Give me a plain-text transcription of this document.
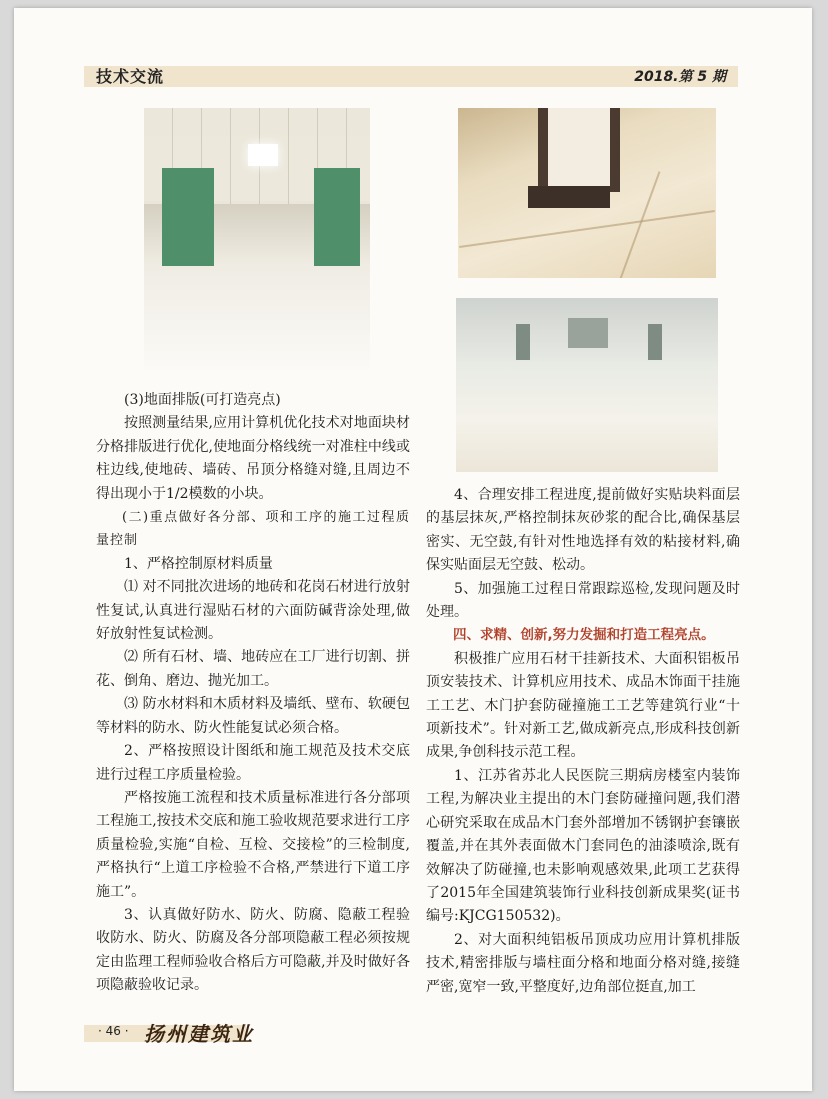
技术交流	2018.第 5 期

(3)地面排版(可打造亮点)

按照测量结果,应用计算机优化技术对地面块材分格排版进行优化,使地面分格线统一对准柱中线或柱边线,使地砖、墙砖、吊顶分格缝对缝,且周边不得出现小于1/2模数的小块。

(二)重点做好各分部、项和工序的施工过程质量控制

1、严格控制原材料质量

⑴ 对不同批次进场的地砖和花岗石材进行放射性复试,认真进行湿贴石材的六面防碱背涂处理,做好放射性复试检测。

⑵ 所有石材、墙、地砖应在工厂进行切割、拼花、倒角、磨边、抛光加工。

⑶ 防水材料和木质材料及墙纸、壁布、软硬包等材料的防水、防火性能复试必须合格。

2、严格按照设计图纸和施工规范及技术交底进行过程工序质量检验。

严格按施工流程和技术质量标准进行各分部项工程施工,按技术交底和施工验收规范要求进行工序质量检验,实施“自检、互检、交接检”的三检制度,严格执行“上道工序检验不合格,严禁进行下道工序施工”。

3、认真做好防水、防火、防腐、隐蔽工程验收防水、防火、防腐及各分部项隐蔽工程必须按规定由监理工程师验收合格后方可隐蔽,并及时做好各项隐蔽验收记录。

4、合理安排工程进度,提前做好实贴块料面层的基层抹灰,严格控制抹灰砂浆的配合比,确保基层密实、无空鼓,有针对性地选择有效的粘接材料,确保实贴面层无空鼓、松动。

5、加强施工过程日常跟踪巡检,发现问题及时处理。

四、求精、创新,努力发掘和打造工程亮点。

积极推广应用石材干挂新技术、大面积铝板吊顶安装技术、计算机应用技术、成品木饰面干挂施工工艺、木门护套防碰撞施工工艺等建筑行业“十项新技术”。针对新工艺,做成新亮点,形成科技创新成果,争创科技示范工程。

1、江苏省苏北人民医院三期病房楼室内装饰工程,为解决业主提出的木门套防碰撞问题,我们潜心研究采取在成品木门套外部增加不锈钢护套镶嵌覆盖,并在其外表面做木门套同色的油漆喷涂,既有效解决了防碰撞,也未影响观感效果,此项工艺获得了2015年全国建筑装饰行业科技创新成果奖(证书编号:KJCG150532)。

2、对大面积纯铝板吊顶成功应用计算机排版技术,精密排版与墙柱面分格和地面分格对缝,接缝严密,宽窄一致,平整度好,边角部位挺直,加工

· 46 · 扬州建筑业
